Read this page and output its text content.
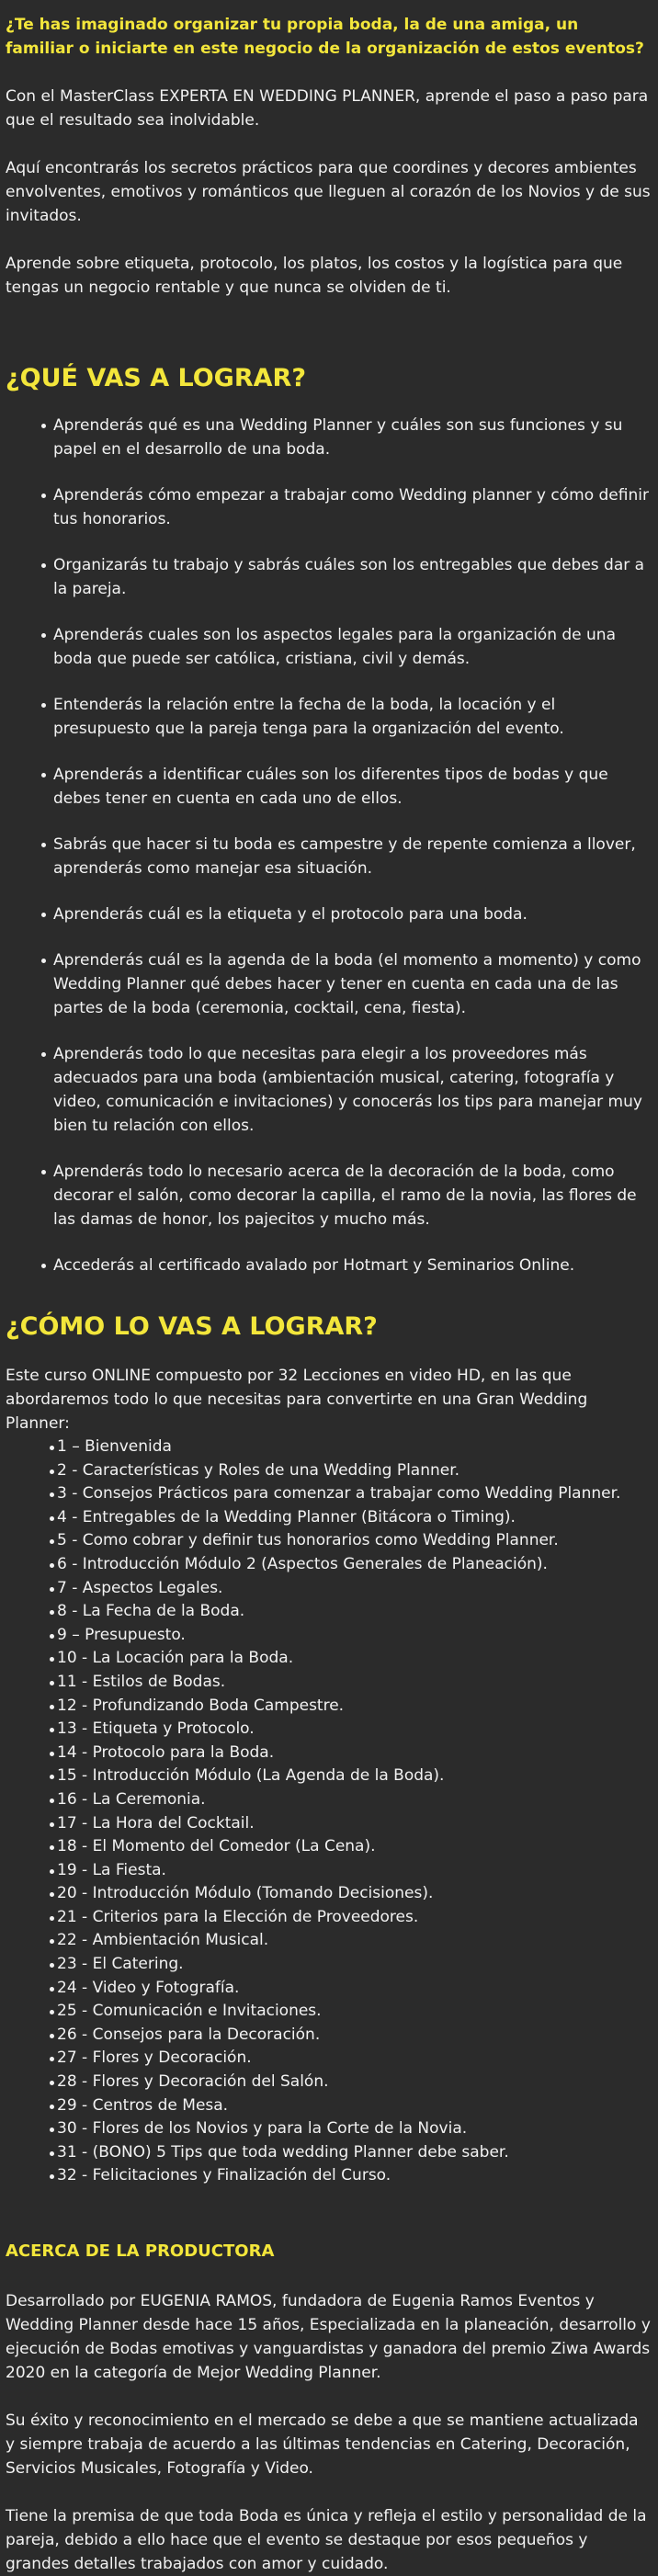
¿Te has imaginado organizar tu propia boda, la de una amiga, un familiar o iniciarte en este negocio de la organización de estos eventos?

Con el MasterClass EXPERTA EN WEDDING PLANNER, aprende el paso a paso para que el resultado sea inolvidable.

Aquí encontrarás los secretos prácticos para que coordines y decores ambientes envolventes, emotivos y románticos que lleguen al corazón de los Novios y de sus invitados.

Aprende sobre etiqueta, protocolo, los platos, los costos y la logística para que tengas un negocio rentable y que nunca se olviden de ti.

¿QUÉ VAS A LOGRAR?
Aprenderás qué es una Wedding Planner y cuáles son sus funciones y su papel en el desarrollo de una boda.
Aprenderás cómo empezar a trabajar como Wedding planner y cómo definir tus honorarios.
Organizarás tu trabajo y sabrás cuáles son los entregables que debes dar a la pareja.
Aprenderás cuales son los aspectos legales para la organización de una boda que puede ser católica, cristiana, civil y demás.
Entenderás la relación entre la fecha de la boda, la locación y el presupuesto que la pareja tenga para la organización del evento.
Aprenderás a identificar cuáles son los diferentes tipos de bodas y que debes tener en cuenta en cada uno de ellos.
Sabrás que hacer si tu boda es campestre y de repente comienza a llover, aprenderás como manejar esa situación.
Aprenderás cuál es la etiqueta y el protocolo para una boda.
Aprenderás cuál es la agenda de la boda (el momento a momento) y como Wedding Planner qué debes hacer y tener en cuenta en cada una de las partes de la boda (ceremonia, cocktail, cena, fiesta).
Aprenderás todo lo que necesitas para elegir a los proveedores más adecuados para una boda (ambientación musical, catering, fotografía y video, comunicación e invitaciones) y conocerás los tips para manejar muy bien tu relación con ellos.
Aprenderás todo lo necesario acerca de la decoración de la boda, como decorar el salón, como decorar la capilla, el ramo de la novia, las flores de las damas de honor, los pajecitos y mucho más.
Accederás al certificado avalado por Hotmart y Seminarios Online.
¿CÓMO LO VAS A LOGRAR?

Este curso ONLINE compuesto por 32 Lecciones en video HD, en las que abordaremos todo lo que necesitas para convertirte en una Gran Wedding Planner:

1 – Bienvenida
2 - Características y Roles de una Wedding Planner.
3 - Consejos Prácticos para comenzar a trabajar como Wedding Planner.
4 - Entregables de la Wedding Planner (Bitácora o Timing).
5 - Como cobrar y definir tus honorarios como Wedding Planner.
6 - Introducción Módulo 2 (Aspectos Generales de Planeación).
7 - Aspectos Legales.
8 - La Fecha de la Boda.
9 – Presupuesto.
10 - La Locación para la Boda.
11 - Estilos de Bodas.
12 - Profundizando Boda Campestre.
13 - Etiqueta y Protocolo.
14 - Protocolo para la Boda.
15 - Introducción Módulo (La Agenda de la Boda).
16 - La Ceremonia.
17 - La Hora del Cocktail.
18 - El Momento del Comedor (La Cena).
19 - La Fiesta.
20 - Introducción Módulo (Tomando Decisiones).
21 - Criterios para la Elección de Proveedores.
22 - Ambientación Musical.
23 - El Catering.
24 - Video y Fotografía.
25 - Comunicación e Invitaciones.
26 - Consejos para la Decoración.
27 - Flores y Decoración.
28 - Flores y Decoración del Salón.
29 - Centros de Mesa.
30 - Flores de los Novios y para la Corte de la Novia.
31 - (BONO) 5 Tips que toda wedding Planner debe saber.
32 - Felicitaciones y Finalización del Curso.
ACERCA DE LA PRODUCTORA

Desarrollado por EUGENIA RAMOS, fundadora de Eugenia Ramos Eventos y Wedding Planner desde hace 15 años, Especializada en la planeación, desarrollo y ejecución de Bodas emotivas y vanguardistas y ganadora del premio Ziwa Awards 2020 en la categoría de Mejor Wedding Planner.

Su éxito y reconocimiento en el mercado se debe a que se mantiene actualizada y siempre trabaja de acuerdo a las últimas tendencias en Catering, Decoración, Servicios Musicales, Fotografía y Video.

Tiene la premisa de que toda Boda es única y refleja el estilo y personalidad de la pareja, debido a ello hace que el evento se destaque por esos pequeños y grandes detalles trabajados con amor y cuidado.
